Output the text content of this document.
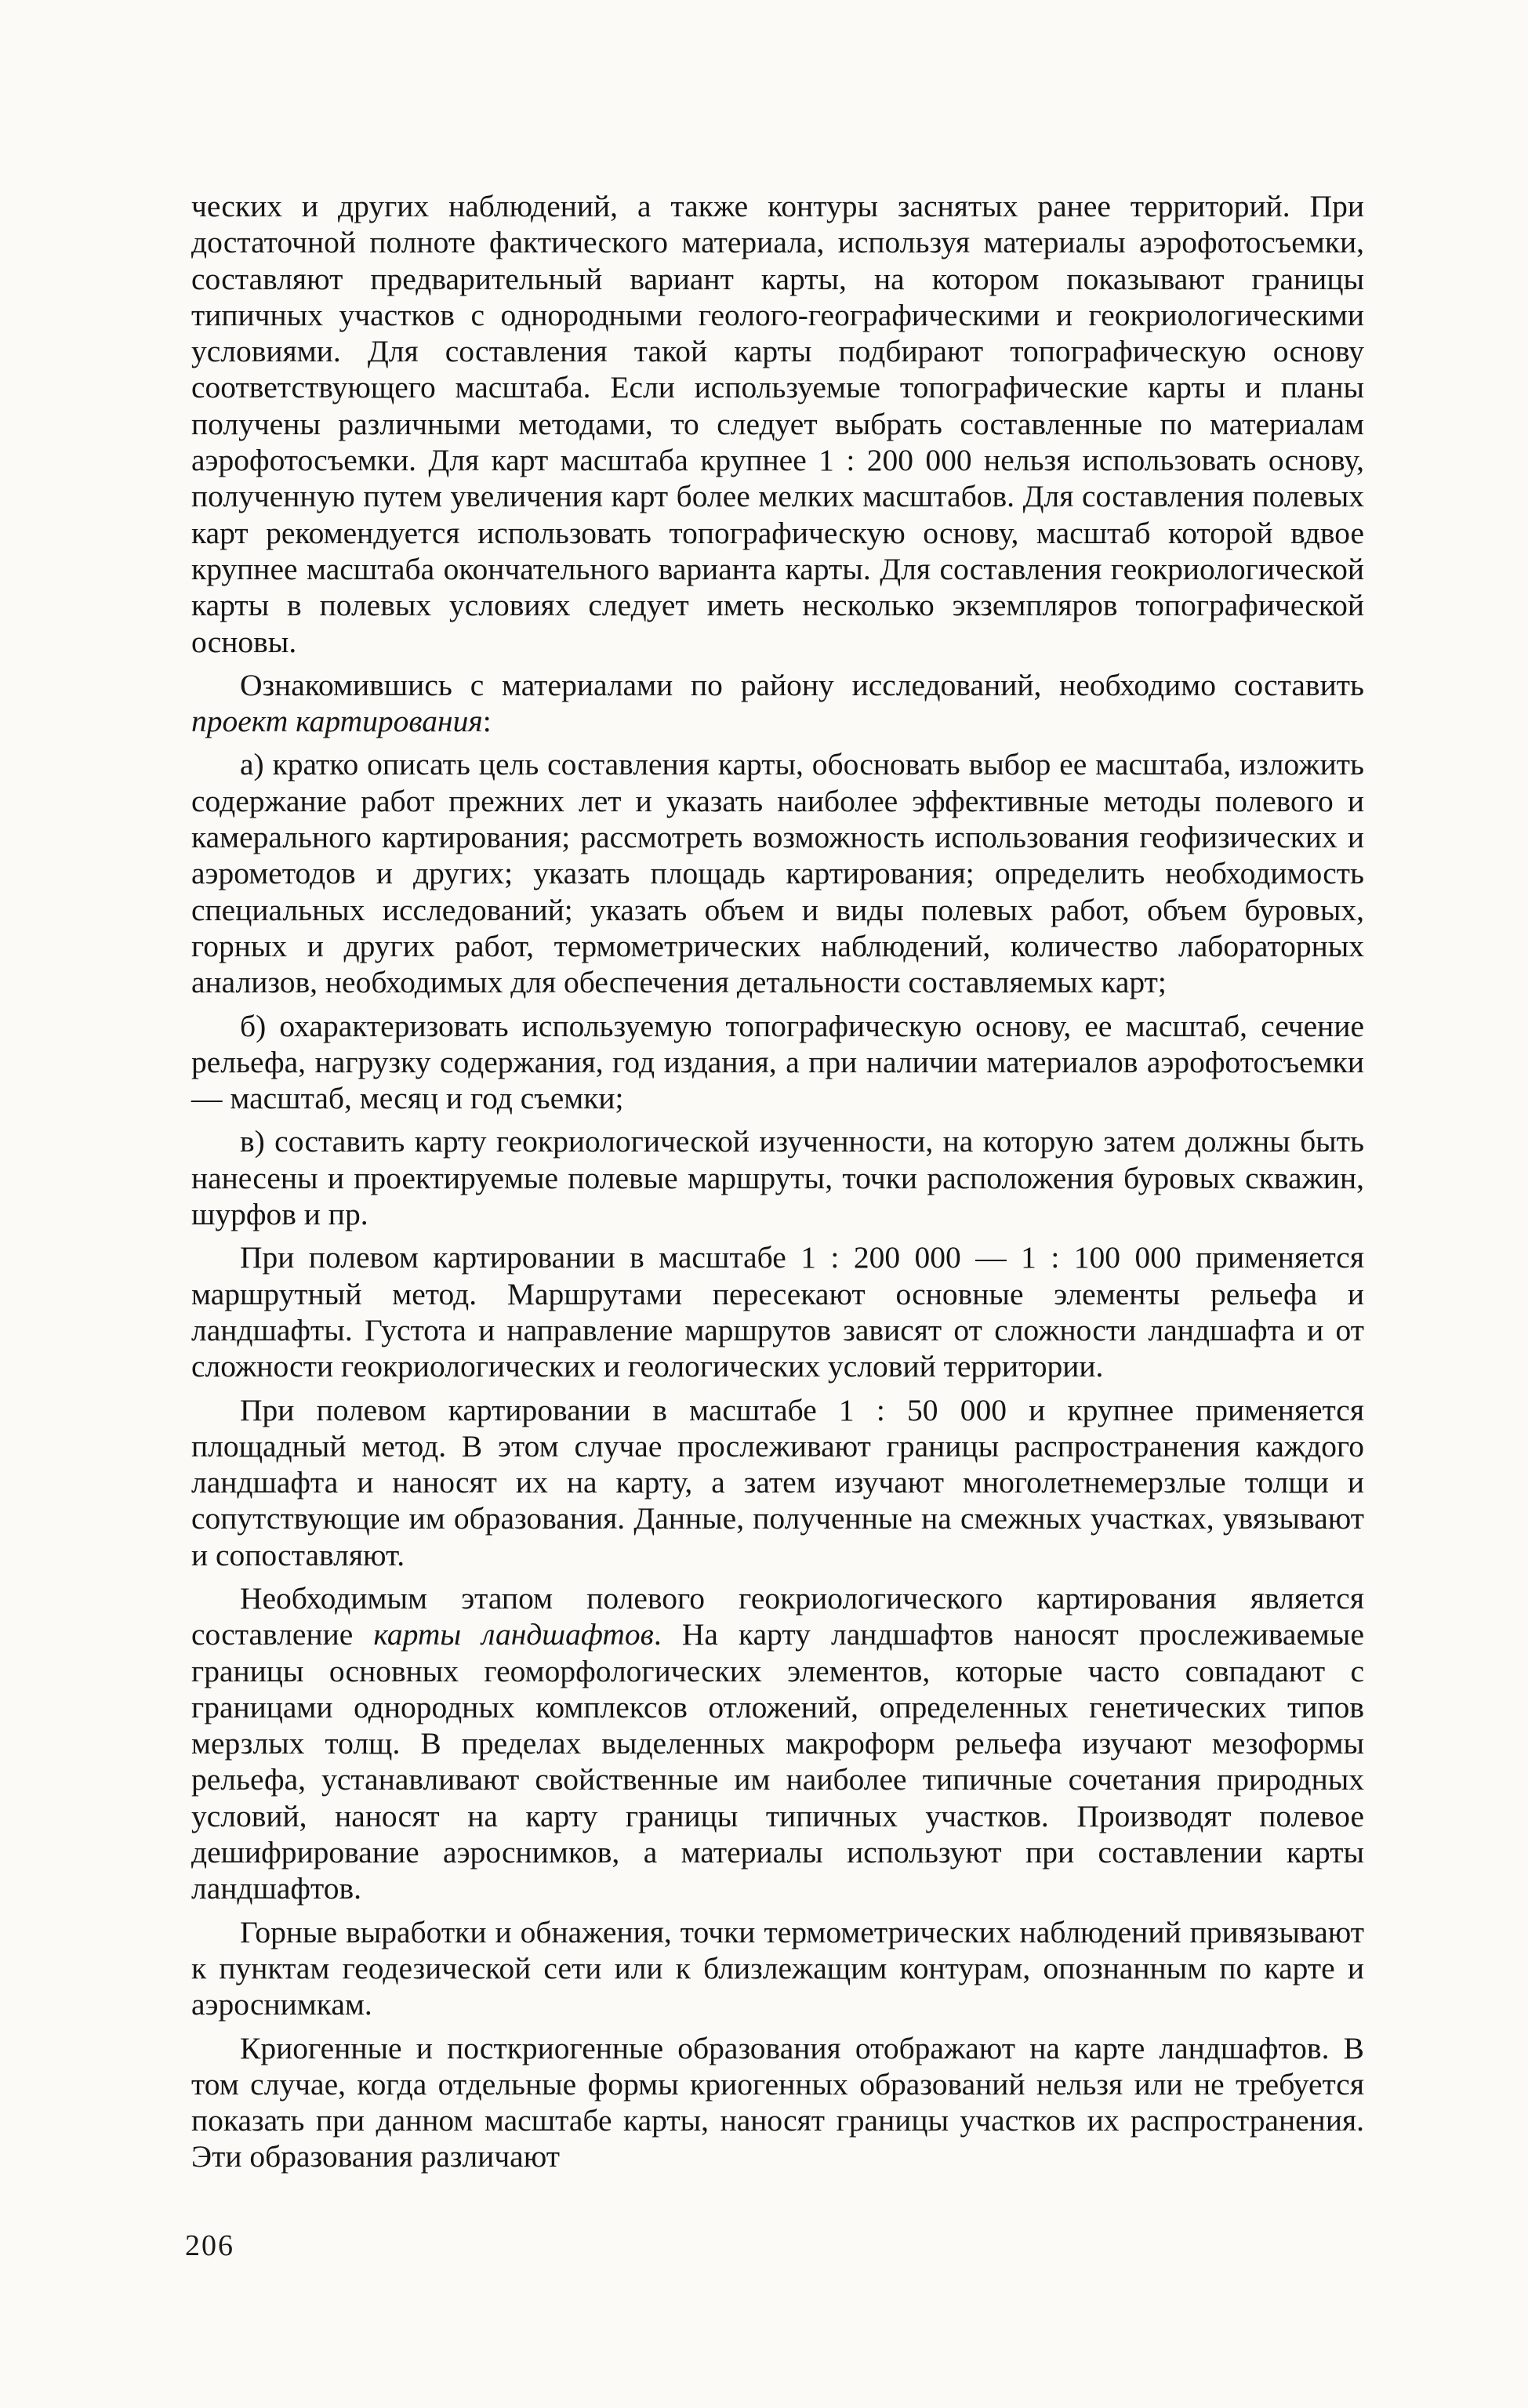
ческих и других наблюдений, а также контуры заснятых ранее территорий. При достаточной полноте фактического материала, используя материалы аэрофотосъемки, составляют предварительный вариант карты, на котором показывают границы типичных участков с однородными геолого-географическими и геокриологическими условиями. Для составления такой карты подбирают топографическую основу соответствующего масштаба. Если используемые топографические карты и планы получены различными методами, то следует выбрать составленные по материалам аэрофотосъемки. Для карт масштаба крупнее 1 : 200 000 нельзя использовать основу, полученную путем увеличения карт более мелких масштабов. Для составления полевых карт рекомендуется использовать топографическую основу, масштаб которой вдвое крупнее масштаба окончательного варианта карты. Для составления геокриологической карты в полевых условиях следует иметь несколько экземпляров топографической основы.

Ознакомившись с материалами по району исследований, необходимо составить проект картирования:

а) кратко описать цель составления карты, обосновать выбор ее масштаба, изложить содержание работ прежних лет и указать наиболее эффективные методы полевого и камерального картирования; рассмотреть возможность использования геофизических и аэрометодов и других; указать площадь картирования; определить необходимость специальных исследований; указать объем и виды полевых работ, объем буровых, горных и других работ, термометрических наблюдений, количество лабораторных анализов, необходимых для обеспечения детальности составляемых карт;

б) охарактеризовать используемую топографическую основу, ее масштаб, сечение рельефа, нагрузку содержания, год издания, а при наличии материалов аэрофотосъемки — масштаб, месяц и год съемки;

в) составить карту геокриологической изученности, на которую затем должны быть нанесены и проектируемые полевые маршруты, точки расположения буровых скважин, шурфов и пр.

При полевом картировании в масштабе 1 : 200 000 — 1 : 100 000 применяется маршрутный метод. Маршрутами пересекают основные элементы рельефа и ландшафты. Густота и направление маршрутов зависят от сложности ландшафта и от сложности геокриологических и геологических условий территории.

При полевом картировании в масштабе 1 : 50 000 и крупнее применяется площадный метод. В этом случае прослеживают границы распространения каждого ландшафта и наносят их на карту, а затем изучают многолетнемерзлые толщи и сопутствующие им образования. Данные, полученные на смежных участках, увязывают и сопоставляют.

Необходимым этапом полевого геокриологического картирования является составление карты ландшафтов. На карту ландшафтов наносят прослеживаемые границы основных геоморфологических элементов, которые часто совпадают с границами однородных комплексов отложений, определенных генетических типов мерзлых толщ. В пределах выделенных макроформ рельефа изучают мезоформы рельефа, устанавливают свойственные им наиболее типичные сочетания природных условий, наносят на карту границы типичных участков. Производят полевое дешифрирование аэроснимков, а материалы используют при составлении карты ландшафтов.

Горные выработки и обнажения, точки термометрических наблюдений привязывают к пунктам геодезической сети или к близлежащим контурам, опознанным по карте и аэроснимкам.

Криогенные и посткриогенные образования отображают на карте ландшафтов. В том случае, когда отдельные формы криогенных образований нельзя или не требуется показать при данном масштабе карты, наносят границы участков их распространения. Эти образования различают

206
